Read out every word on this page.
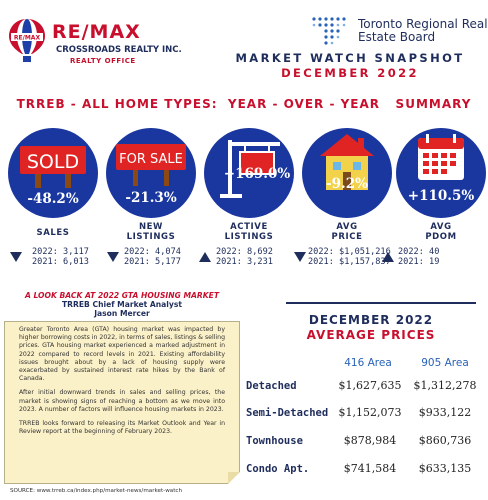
RE/MAX RE/MAX
CROSSROADS REALTY INC.
REALTY OFFICE
Toronto Regional Real Estate Board
MARKET WATCH SNAPSHOT
DECEMBER 2022
TRREB - ALL HOME TYPES:  YEAR - OVER - YEAR   SUMMARY
SOLD
-48.2%
SALES
2022: 3,117
2021: 6,013
FOR SALE
-21.3%
NEW
LISTINGS
2022: 4,074
2021: 5,177
+169.0%
ACTIVE
LISTINGS
2022: 8,692
2021: 3,231
-9.2%
AVG
PRICE
2022: $1,051,216
2021: $1,157,837
+110.5%
AVG
PDOM
2022: 40
2021: 19
A LOOK BACK AT 2022 GTA HOUSING MARKET
TRREB Chief Market Analyst
Jason Mercer

Greater Toronto Area (GTA) housing market was impacted by higher borrowing costs in 2022, in terms of sales, listings & selling prices. GTA housing market experienced a marked adjustment in 2022 compared to record levels in 2021. Existing affordability issues brought about by a lack of housing supply were exacerbated by sustained interest rate hikes by the Bank of Canada.

After initial downward trends in sales and selling prices, the market is showing signs of reaching a bottom as we move into 2023. A number of factors will influence housing markets in 2023.

TRREB looks forward to releasing its Market Outlook and Year in Review report at the beginning of February 2023.

SOURCE: www.trreb.ca/index.php/market-news/market-watch
DECEMBER 2022
AVERAGE PRICES
416 Area	905 Area
Detached	$1,627,635	$1,312,278
Semi-Detached $1,152,073	$933,122
Townhouse	$878,984	$860,736
Condo Apt.	$741,584	$633,135
